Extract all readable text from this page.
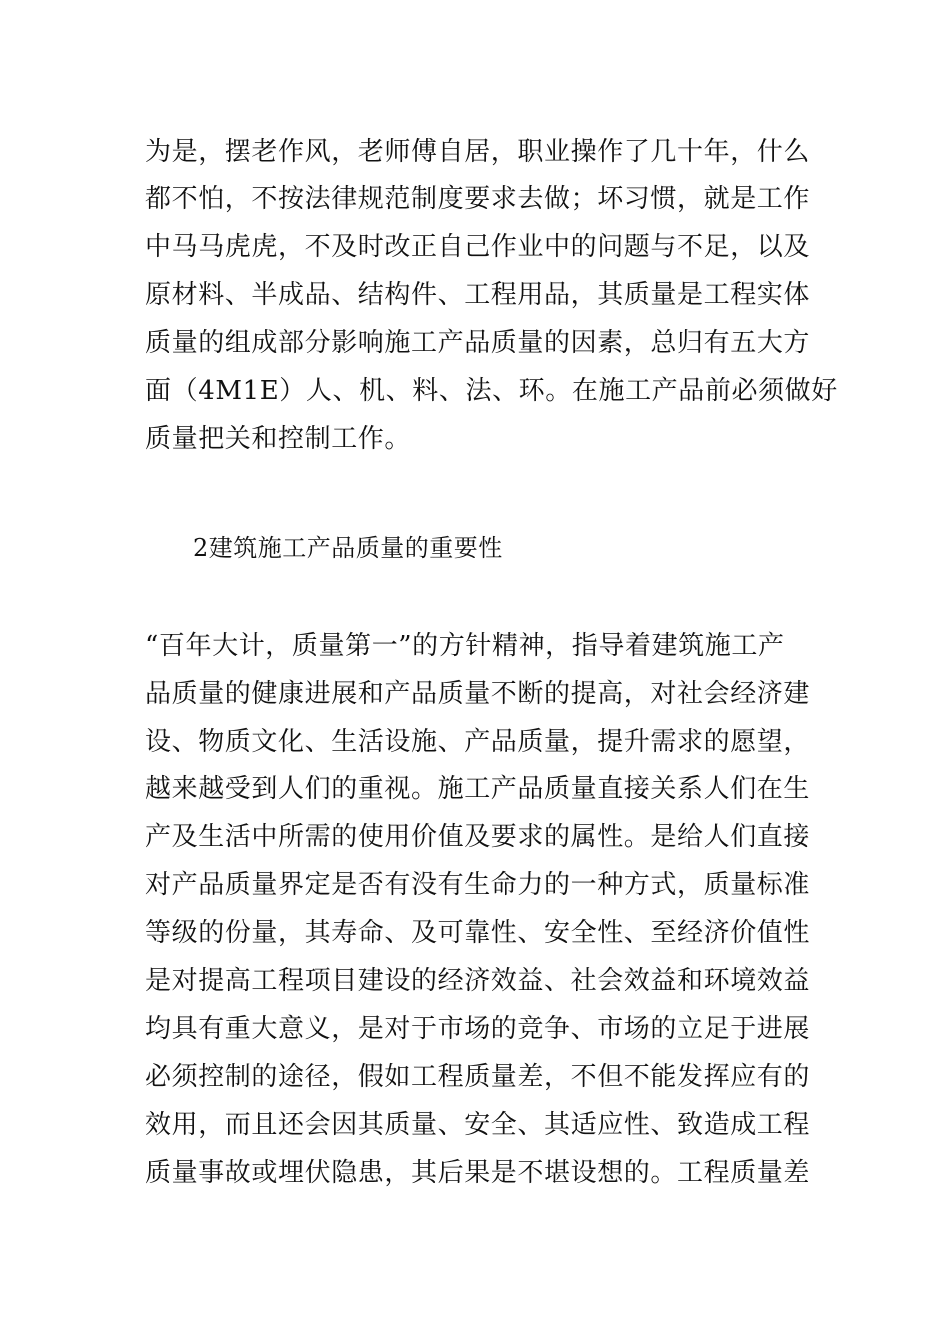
为是，摆老作风，老师傅自居，职业操作了几十年，什么
都不怕，不按法律规范制度要求去做；坏习惯，就是工作
中马马虎虎，不及时改正自己作业中的问题与不足，以及
原材料、半成品、结构件、工程用品，其质量是工程实体
质量的组成部分影响施工产品质量的因素，总归有五大方
面（4M1E）人、机、料、法、环。在施工产品前必须做好
质量把关和控制工作。
2建筑施工产品质量的重要性
“百年大计，质量第一”的方针精神，指导着建筑施工产
品质量的健康进展和产品质量不断的提高，对社会经济建
设、物质文化、生活设施、产品质量，提升需求的愿望，
越来越受到人们的重视。施工产品质量直接关系人们在生
产及生活中所需的使用价值及要求的属性。是给人们直接
对产品质量界定是否有没有生命力的一种方式，质量标准
等级的份量，其寿命、及可靠性、安全性、至经济价值性
是对提高工程项目建设的经济效益、社会效益和环境效益
均具有重大意义，是对于市场的竞争、市场的立足于进展
必须控制的途径，假如工程质量差，不但不能发挥应有的
效用，而且还会因其质量、安全、其适应性、致造成工程
质量事故或埋伏隐患，其后果是不堪设想的。工程质量差
